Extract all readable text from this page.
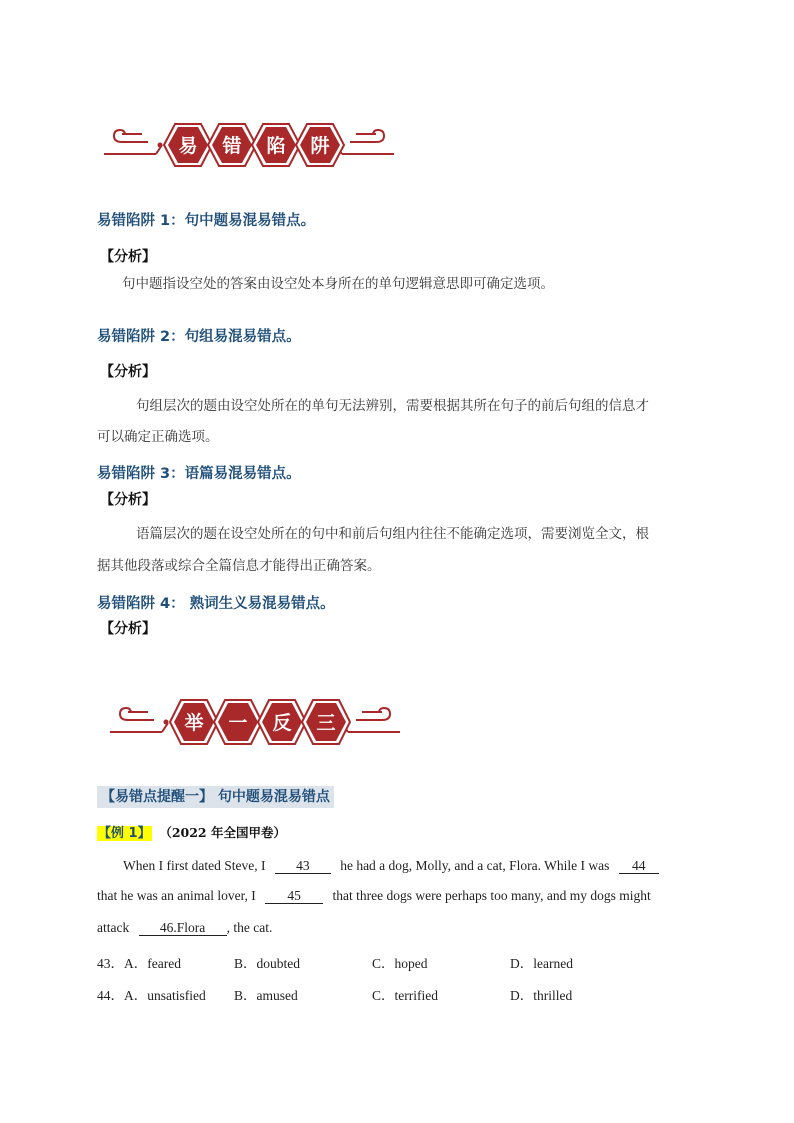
易 错 陷 阱
易错陷阱 1：句中题易混易错点。
【分析】
句中题指设空处的答案由设空处本身所在的单句逻辑意思即可确定选项。
易错陷阱 2：句组易混易错点。
【分析】
句组层次的题由设空处所在的单句无法辨别，需要根据其所在句子的前后句组的信息才
可以确定正确选项。
易错陷阱 3：语篇易混易错点。
【分析】
语篇层次的题在设空处所在的句中和前后句组内往往不能确定选项，需要浏览全文，根
据其他段落或综合全篇信息才能得出正确答案。
易错陷阱 4： 熟词生义易混易错点。
【分析】
举 一 反 三
【易错点提醒一】 句中题易混易错点
【例 1】 （2022 年全国甲卷）
When I first dated Steve, I 43 he had a dog, Molly, and a cat, Flora. While I was 44
that he was an animal lover, I 45 that three dogs were perhaps too many, and my dogs might
attack 46.Flora , the cat.
43．A．feared	B．doubted	C．hoped	D．learned
44．A．unsatisfied B．amused	C．terrified	D．thrilled
